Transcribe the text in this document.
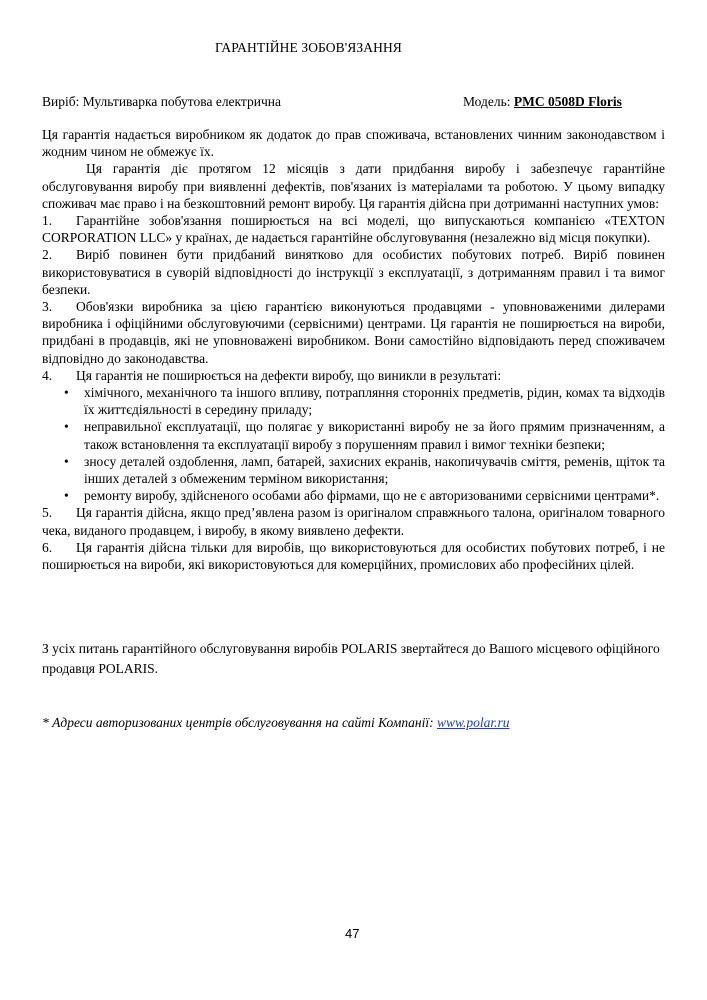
ГАРАНТІЙНЕ ЗОБОВ'ЯЗАННЯ
Виріб: Мультиварка побутова електрична	Модель: PMC 0508D Floris

Ця гарантія надається виробником як додаток до прав споживача, встановлених чинним законодавством і жодним чином не обмежує їх.

Ця гарантія діє протягом 12 місяців з дати придбання виробу і забезпечує гарантійне обслуговування виробу при виявленні дефектів, пов'язаних із матеріалами та роботою. У цьому випадку споживач має право і на безкоштовний ремонт виробу. Ця гарантія дійсна при дотриманні наступних умов:

1. Гарантійне зобов'язання поширюється на всі моделі, що випускаються компанією «TEXTON CORPORATION LLC» у країнах, де надається гарантійне обслуговування (незалежно від місця покупки).

2. Виріб повинен бути придбаний винятково для особистих побутових потреб. Виріб повинен використовуватися в суворій відповідності до інструкції з експлуатації, з дотриманням правил і та вимог безпеки.

3. Обов'язки виробника за цією гарантією виконуються продавцями - уповноваженими дилерами виробника і офіційними обслуговуючими (сервісними) центрами. Ця гарантія не поширюється на вироби, придбані в продавців, які не уповноважені виробником. Вони самостійно відповідають перед споживачем відповідно до законодавства.

4. Ця гарантія не поширюється на дефекти виробу, що виникли в результаті:

• хімічного, механічного та іншого впливу, потрапляння сторонніх предметів, рідин, комах та відходів їх життєдіяльності в середину приладу;
• неправильної експлуатації, що полягає у використанні виробу не за його прямим призначенням, а також встановлення та експлуатації виробу з порушенням правил і вимог техніки безпеки;
• зносу деталей оздоблення, ламп, батарей, захисних екранів, накопичувачів сміття, ременів, щіток та інших деталей з обмеженим терміном використання;
• ремонту виробу, здійсненого особами або фірмами, що не є авторизованими сервісними центрами*.

5. Ця гарантія дійсна, якщо пред’явлена разом із оригіналом справжнього талона, оригіналом товарного чека, виданого продавцем, і виробу, в якому виявлено дефекти.

6. Ця гарантія дійсна тільки для виробів, що використовуються для особистих побутових потреб, і не поширюється на вироби, які використовуються для комерційних, промислових або професійних цілей.

З усіх питань гарантійного обслуговування виробів POLARIS звертайтеся до Вашого місцевого офіційного продавця POLARIS.
* Адреси авторизованих центрів обслуговування на сайті Компанії: www.polar.ru
47
